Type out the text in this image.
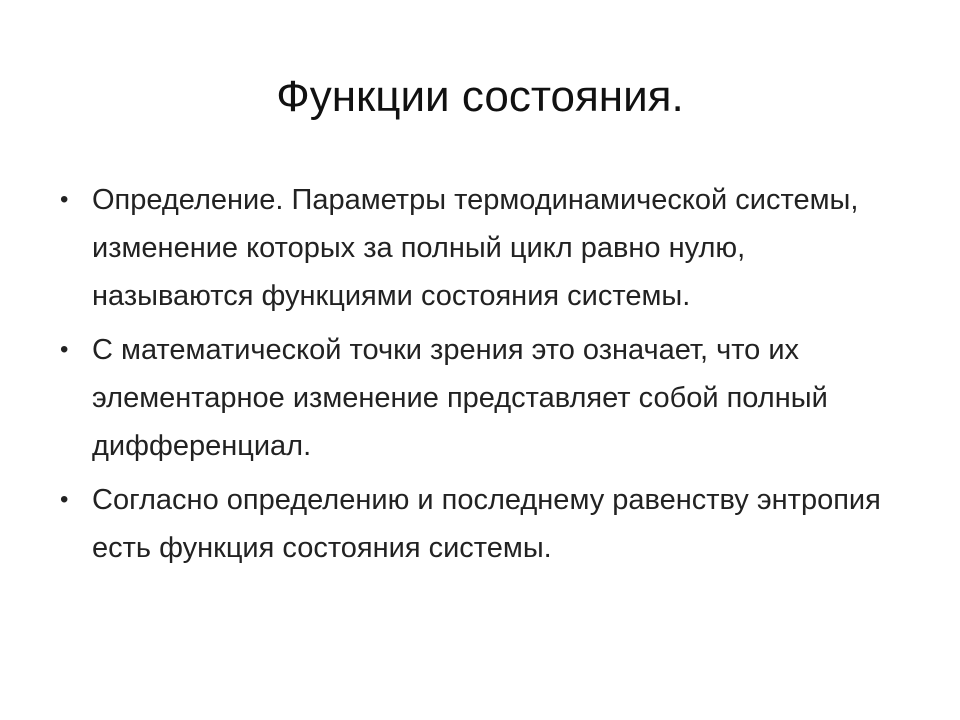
Функции состояния.
• Определение. Параметры термодинамической системы, изменение которых за полный цикл равно нулю, называются функциями состояния системы.
• С математической точки зрения это означает, что их элементарное изменение представляет собой полный дифференциал.
• Согласно определению и последнему равенству энтропия есть функция состояния системы.
